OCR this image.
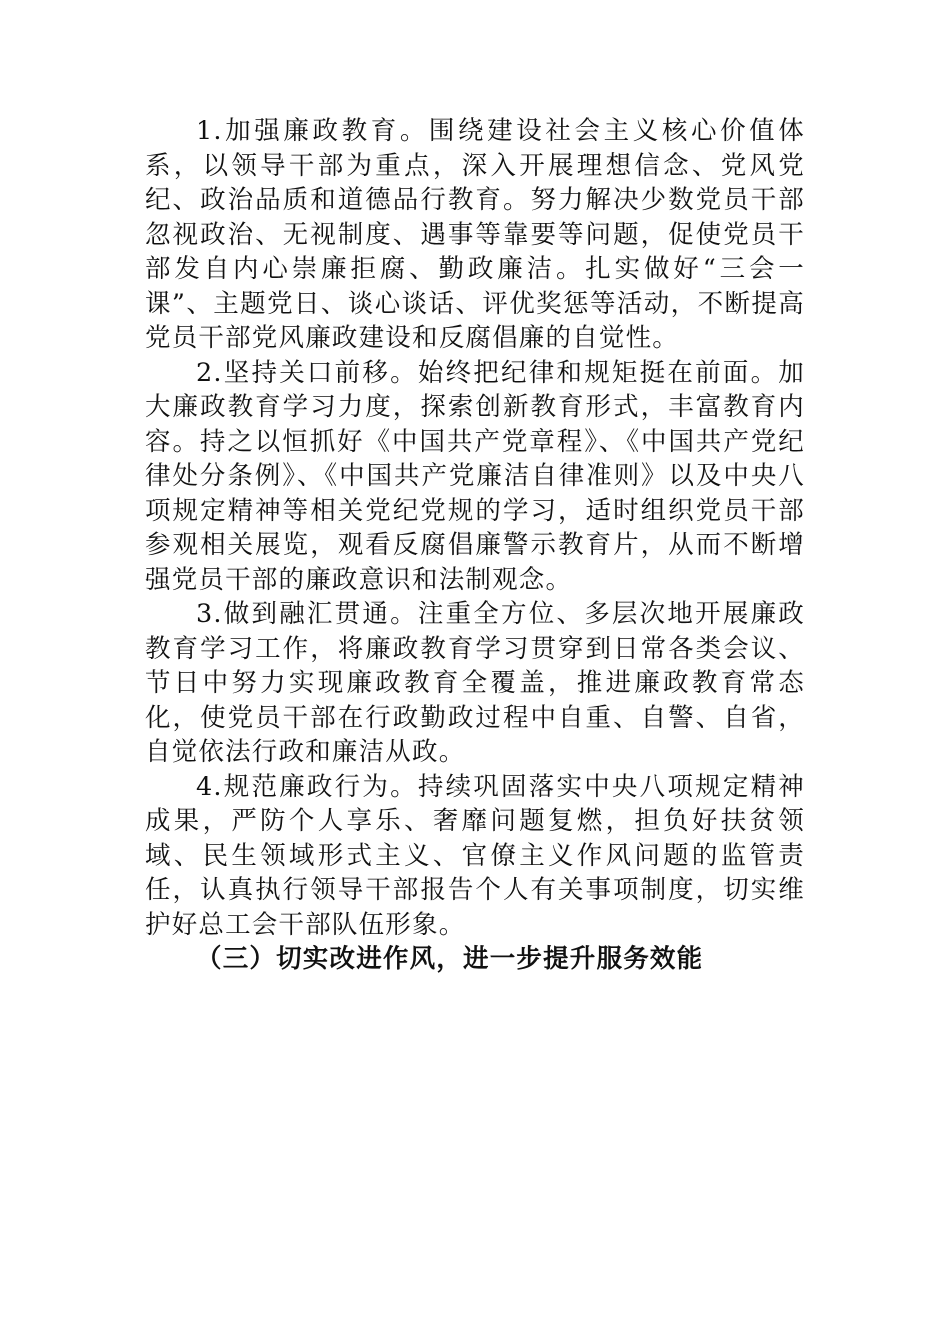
1.加强廉政教育。围绕建设社会主义核心价值体系，以领导干部为重点，深入开展理想信念、党风党纪、政治品质和道德品行教育。努力解决少数党员干部忽视政治、无视制度、遇事等靠要等问题，促使党员干部发自内心崇廉拒腐、勤政廉洁。扎实做好“三会一课”、主题党日、谈心谈话、评优奖惩等活动，不断提高党员干部党风廉政建设和反腐倡廉的自觉性。

2.坚持关口前移。始终把纪律和规矩挺在前面。加大廉政教育学习力度，探索创新教育形式，丰富教育内容。持之以恒抓好《中国共产党章程》、《中国共产党纪律处分条例》、《中国共产党廉洁自律准则》以及中央八项规定精神等相关党纪党规的学习，适时组织党员干部参观相关展览，观看反腐倡廉警示教育片，从而不断增强党员干部的廉政意识和法制观念。

3.做到融汇贯通。注重全方位、多层次地开展廉政教育学习工作，将廉政教育学习贯穿到日常各类会议、节日中努力实现廉政教育全覆盖，推进廉政教育常态化，使党员干部在行政勤政过程中自重、自警、自省，自觉依法行政和廉洁从政。

4.规范廉政行为。持续巩固落实中央八项规定精神成果，严防个人享乐、奢靡问题复燃，担负好扶贫领域、民生领域形式主义、官僚主义作风问题的监管责任，认真执行领导干部报告个人有关事项制度，切实维护好总工会干部队伍形象。

（三）切实改进作风，进一步提升服务效能
